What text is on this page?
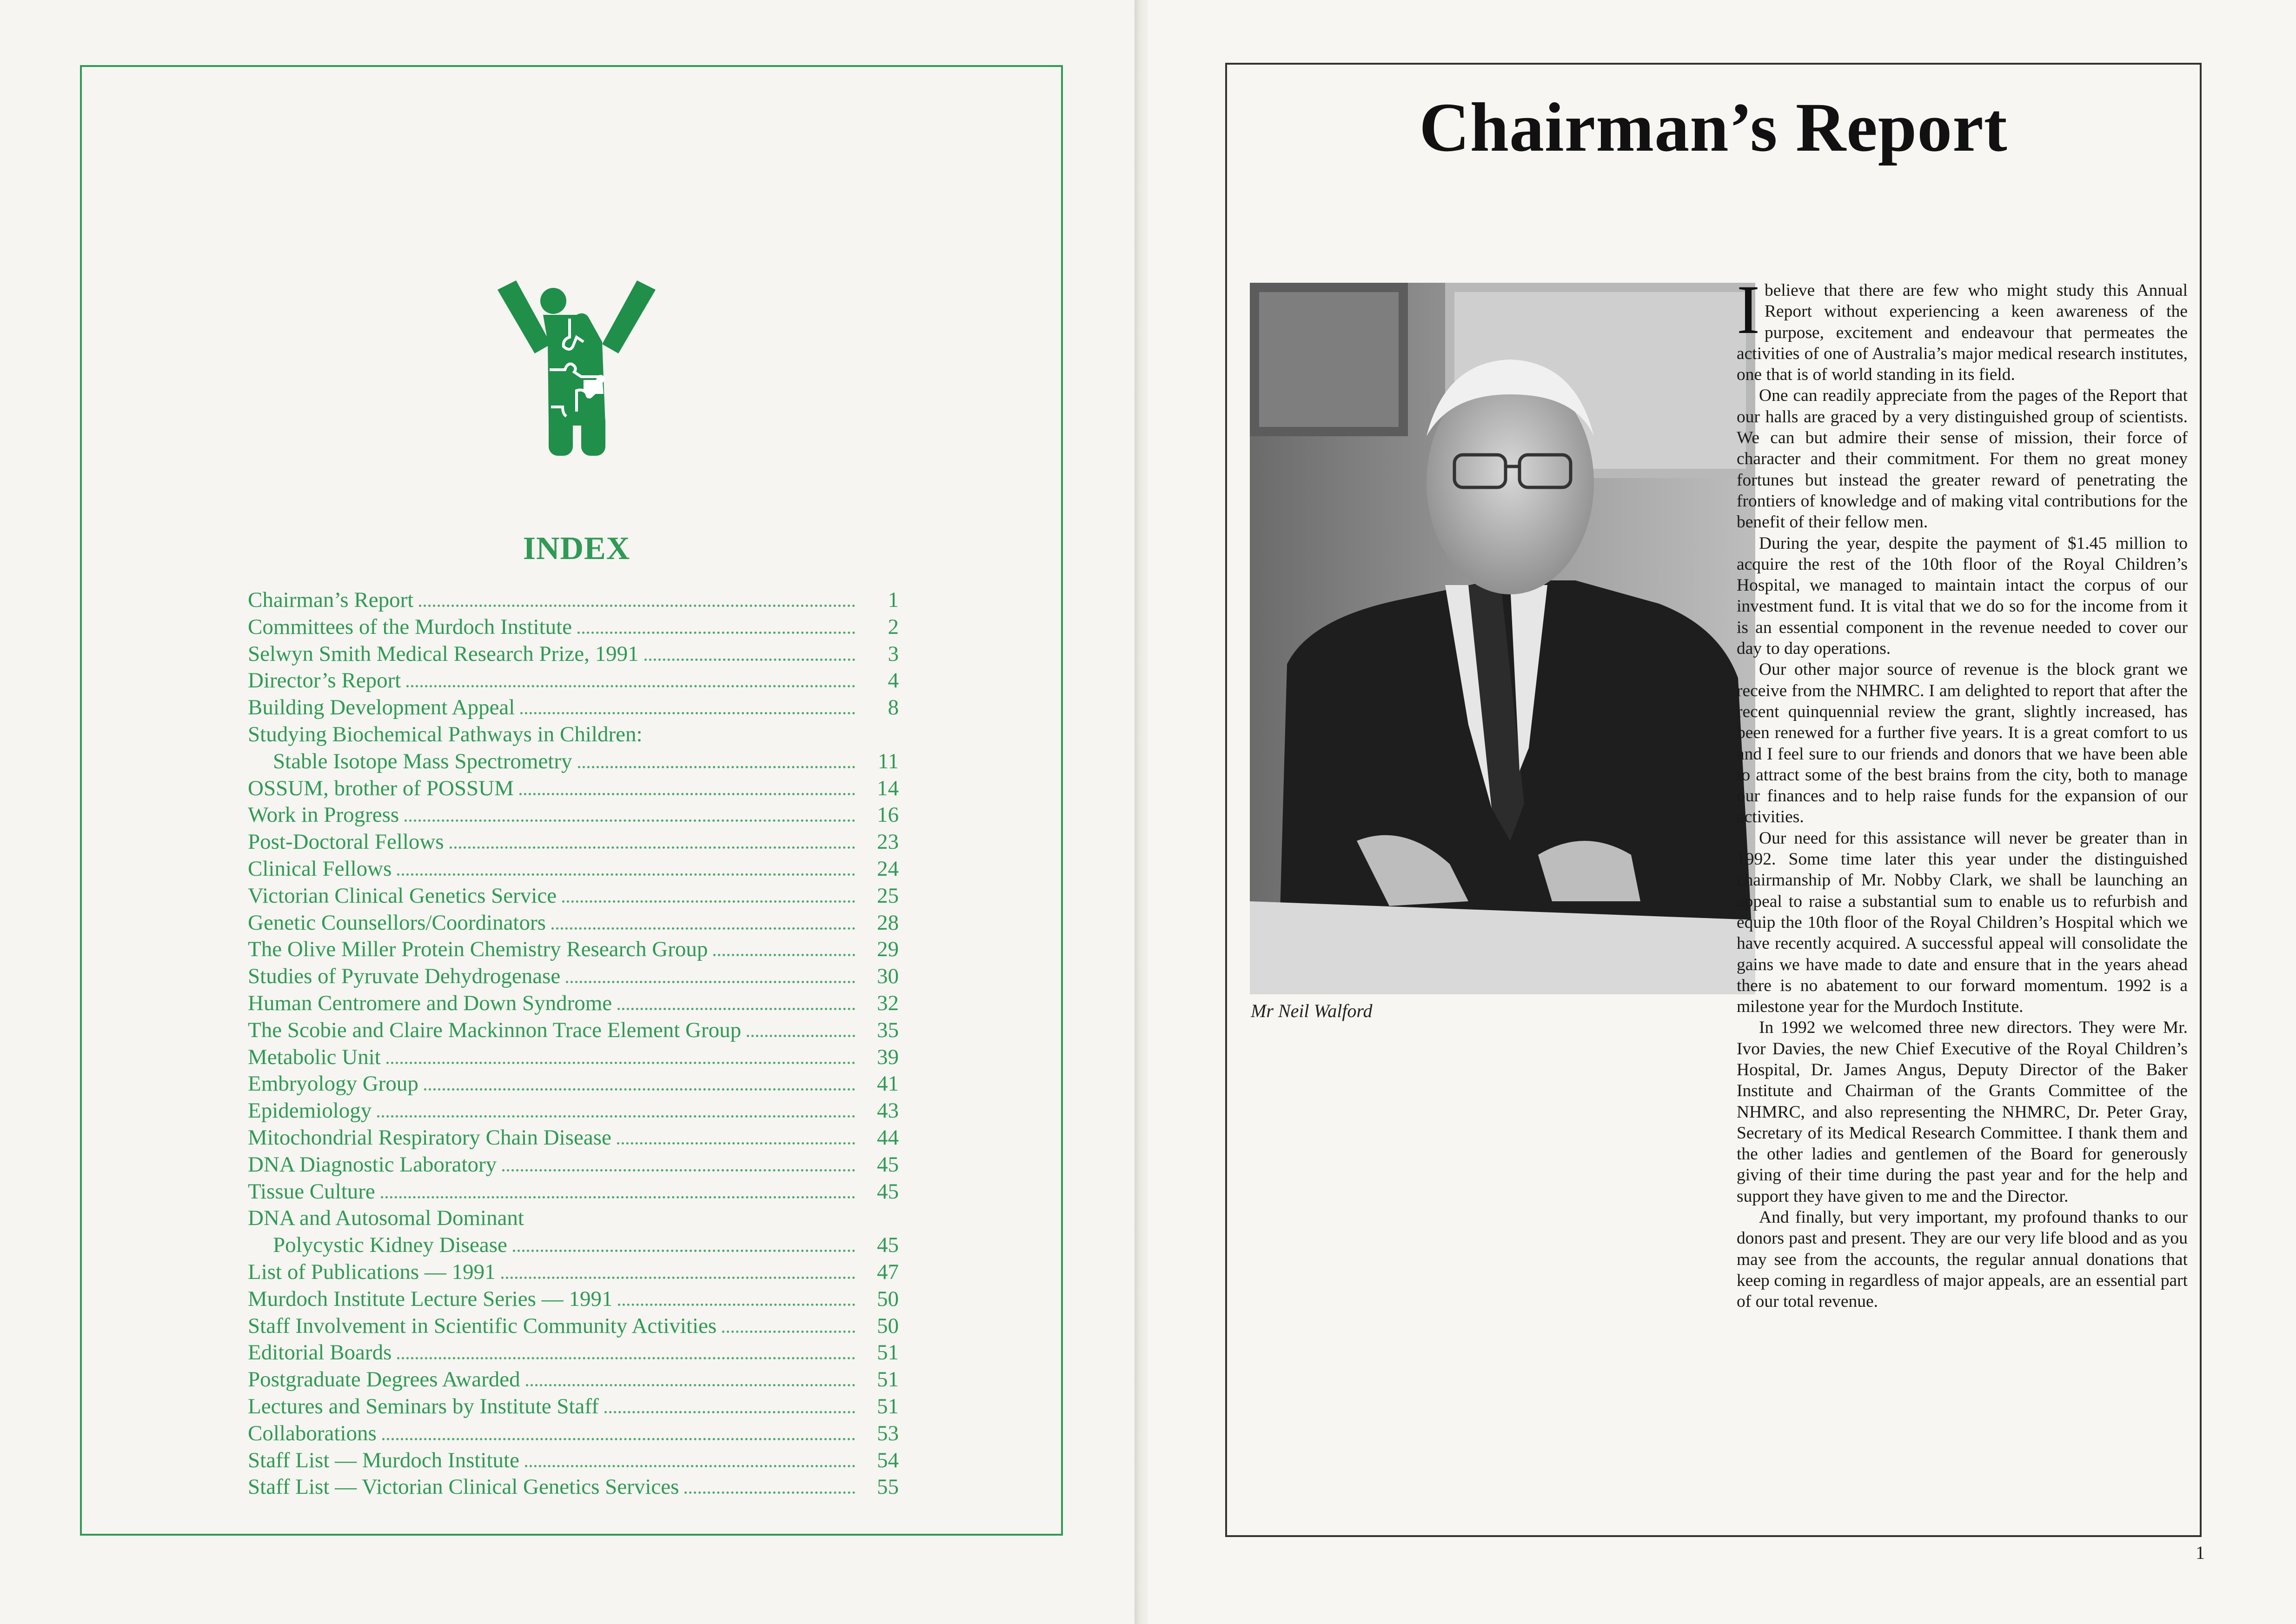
INDEX
Chairman’s Report	1
Committees of the Murdoch Institute	2
Selwyn Smith Medical Research Prize, 1991	3
Director’s Report	4
Building Development Appeal	8
Studying Biochemical Pathways in Children:
Stable Isotope Mass Spectrometry	11
OSSUM, brother of POSSUM	14
Work in Progress	16
Post-Doctoral Fellows	23
Clinical Fellows	24
Victorian Clinical Genetics Service	25
Genetic Counsellors/Coordinators	28
The Olive Miller Protein Chemistry Research Group	29
Studies of Pyruvate Dehydrogenase	30
Human Centromere and Down Syndrome	32
The Scobie and Claire Mackinnon Trace Element Group	35
Metabolic Unit	39
Embryology Group	41
Epidemiology	43
Mitochondrial Respiratory Chain Disease	44
DNA Diagnostic Laboratory	45
Tissue Culture	45
DNA and Autosomal Dominant
Polycystic Kidney Disease	45
List of Publications — 1991	47
Murdoch Institute Lecture Series — 1991	50
Staff Involvement in Scientific Community Activities	50
Editorial Boards	51
Postgraduate Degrees Awarded	51
Lectures and Seminars by Institute Staff	51
Collaborations	53
Staff List — Murdoch Institute	54
Staff List — Victorian Clinical Genetics Services	55
Chairman’s Report
Mr Neil Walford

Ibelieve that there are few who might study this Annual Report without experiencing a keen awareness of the purpose, excitement and endeavour that permeates the activities of one of Australia’s major medical research institutes, one that is of world standing in its field.

One can readily appreciate from the pages of the Report that our halls are graced by a very distinguished group of scientists. We can but admire their sense of mission, their force of character and their commitment. For them no great money fortunes but instead the greater reward of penetrating the frontiers of knowledge and of making vital contributions for the benefit of their fellow men.

During the year, despite the payment of $1.45 million to acquire the rest of the 10th floor of the Royal Children’s Hospital, we managed to maintain intact the corpus of our investment fund. It is vital that we do so for the income from it is an essential component in the revenue needed to cover our day to day operations.

Our other major source of revenue is the block grant we receive from the NHMRC. I am delighted to report that after the recent quinquennial review the grant, slightly increased, has been renewed for a further five years. It is a great comfort to us and I feel sure to our friends and donors that we have been able to attract some of the best brains from the city, both to manage our finances and to help raise funds for the expansion of our activities.

Our need for this assistance will never be greater than in 1992. Some time later this year under the distinguished chairmanship of Mr. Nobby Clark, we shall be launching an appeal to raise a substantial sum to enable us to refurbish and equip the 10th floor of the Royal Children’s Hospital which we have recently acquired. A successful appeal will consolidate the gains we have made to date and ensure that in the years ahead there is no abatement to our forward momentum. 1992 is a milestone year for the Murdoch Institute.

In 1992 we welcomed three new directors. They were Mr. Ivor Davies, the new Chief Executive of the Royal Children’s Hospital, Dr. James Angus, Deputy Director of the Baker Institute and Chairman of the Grants Committee of the NHMRC, and also representing the NHMRC, Dr. Peter Gray, Secretary of its Medical Research Committee. I thank them and the other ladies and gentlemen of the Board for generously giving of their time during the past year and for the help and support they have given to me and the Director.

And finally, but very important, my profound thanks to our donors past and present. They are our very life blood and as you may see from the accounts, the regular annual donations that keep coming in regardless of major appeals, are an essential part of our total revenue.

1
